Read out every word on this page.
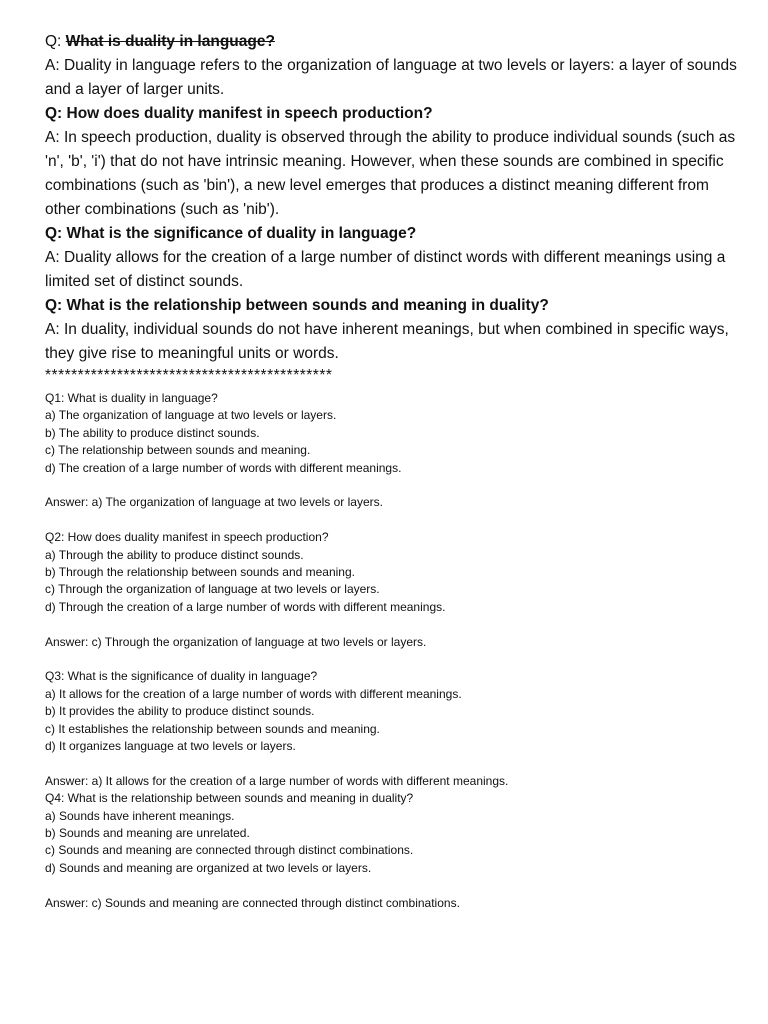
Q: What is duality in language?

A: Duality in language refers to the organization of language at two levels or layers: a layer of sounds and a layer of larger units.

Q: How does duality manifest in speech production?

A: In speech production, duality is observed through the ability to produce individual sounds (such as 'n', 'b', 'i') that do not have intrinsic meaning. However, when these sounds are combined in specific combinations (such as 'bin'), a new level emerges that produces a distinct meaning different from other combinations (such as 'nib').

Q: What is the significance of duality in language?

A: Duality allows for the creation of a large number of distinct words with different meanings using a limited set of distinct sounds.

Q: What is the relationship between sounds and meaning in duality?

A: In duality, individual sounds do not have inherent meanings, but when combined in specific ways, they give rise to meaningful units or words.

********************************************

Q1: What is duality in language?

a) The organization of language at two levels or layers.

b) The ability to produce distinct sounds.

c) The relationship between sounds and meaning.

d) The creation of a large number of words with different meanings.

Answer: a) The organization of language at two levels or layers.

Q2: How does duality manifest in speech production?

a) Through the ability to produce distinct sounds.

b) Through the relationship between sounds and meaning.

c) Through the organization of language at two levels or layers.

d) Through the creation of a large number of words with different meanings.

Answer: c) Through the organization of language at two levels or layers.

Q3: What is the significance of duality in language?

a) It allows for the creation of a large number of words with different meanings.

b) It provides the ability to produce distinct sounds.

c) It establishes the relationship between sounds and meaning.

d) It organizes language at two levels or layers.

Answer: a) It allows for the creation of a large number of words with different meanings.

Q4: What is the relationship between sounds and meaning in duality?

a) Sounds have inherent meanings.

b) Sounds and meaning are unrelated.

c) Sounds and meaning are connected through distinct combinations.

d) Sounds and meaning are organized at two levels or layers.

Answer: c) Sounds and meaning are connected through distinct combinations.
